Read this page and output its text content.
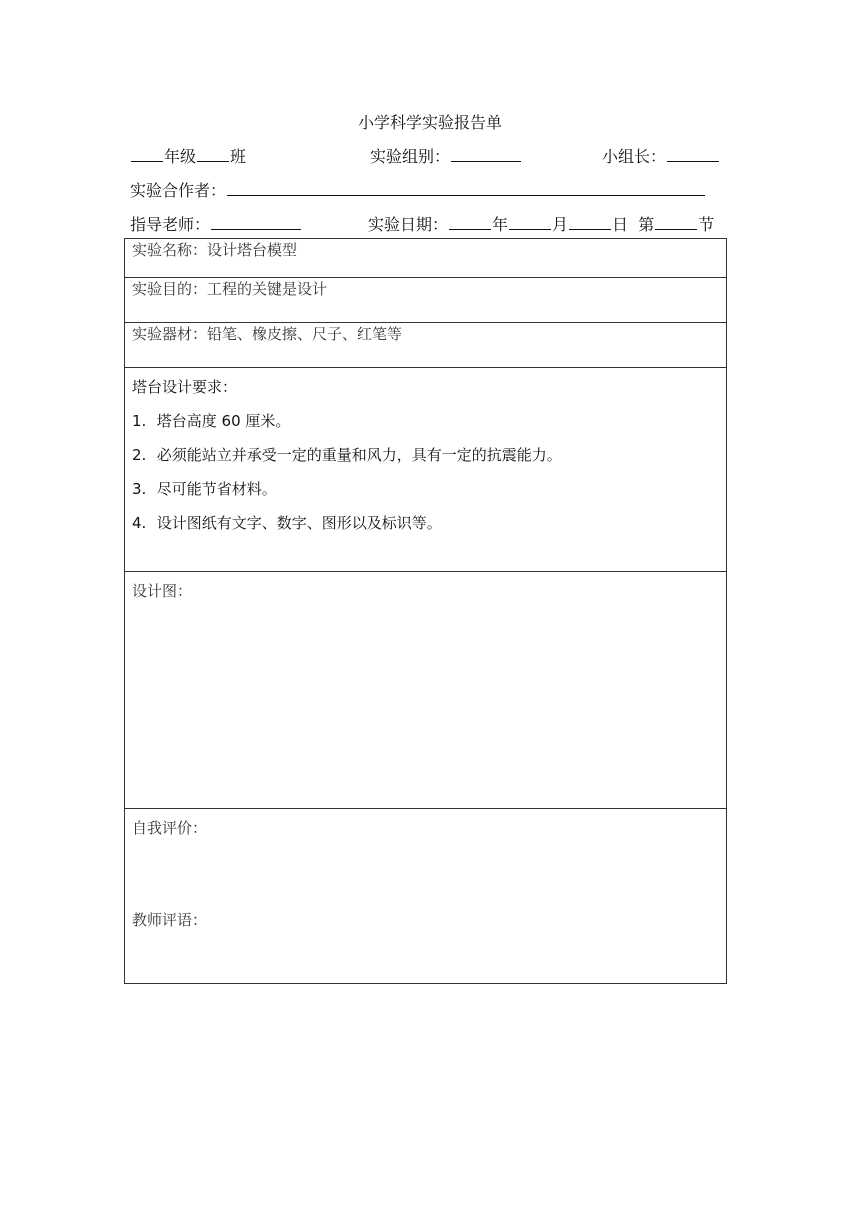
小学科学实验报告单
年级 班	实验组别：	小组长：
实验合作者：
指导老师：	实验日期：	年	月	日 第	节
实验名称：设计塔台模型
实验目的：工程的关键是设计
实验器材：铅笔、橡皮擦、尺子、红笔等

塔台设计要求：
1. 塔台高度 60 厘米。
2. 必须能站立并承受一定的重量和风力，具有一定的抗震能力。
3. 尽可能节省材料。
4. 设计图纸有文字、数字、图形以及标识等。

设计图：

自我评价：
教师评语：
